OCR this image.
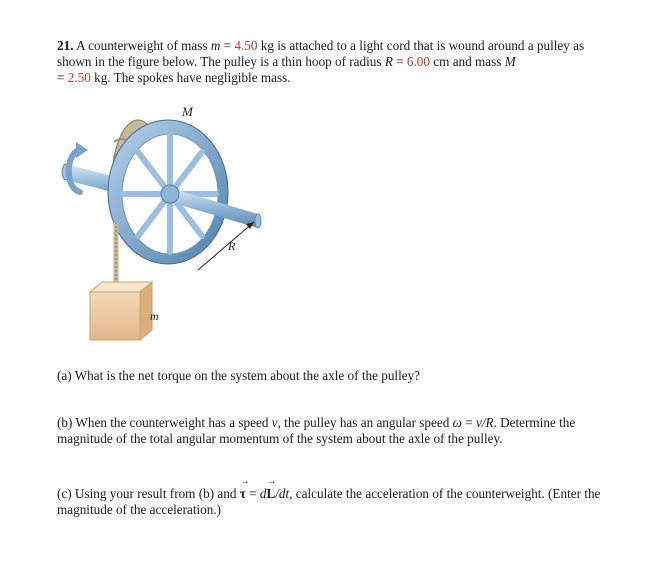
21. A counterweight of mass m = 4.50 kg is attached to a light cord that is wound around a pulley as shown in the figure below. The pulley is a thin hoop of radius R = 6.00 cm and mass M
= 2.50 kg. The spokes have negligible mass.
R
M
m
(a) What is the net torque on the system about the axle of the pulley?
(b) When the counterweight has a speed v, the pulley has an angular speed ω = v/R. Determine the magnitude of the total angular momentum of the system about the axle of the pulley.
(c) Using your result from (b) and
→
τ = d
→
L/dt, calculate the acceleration of the counterweight. (Enter the magnitude of the acceleration.)
